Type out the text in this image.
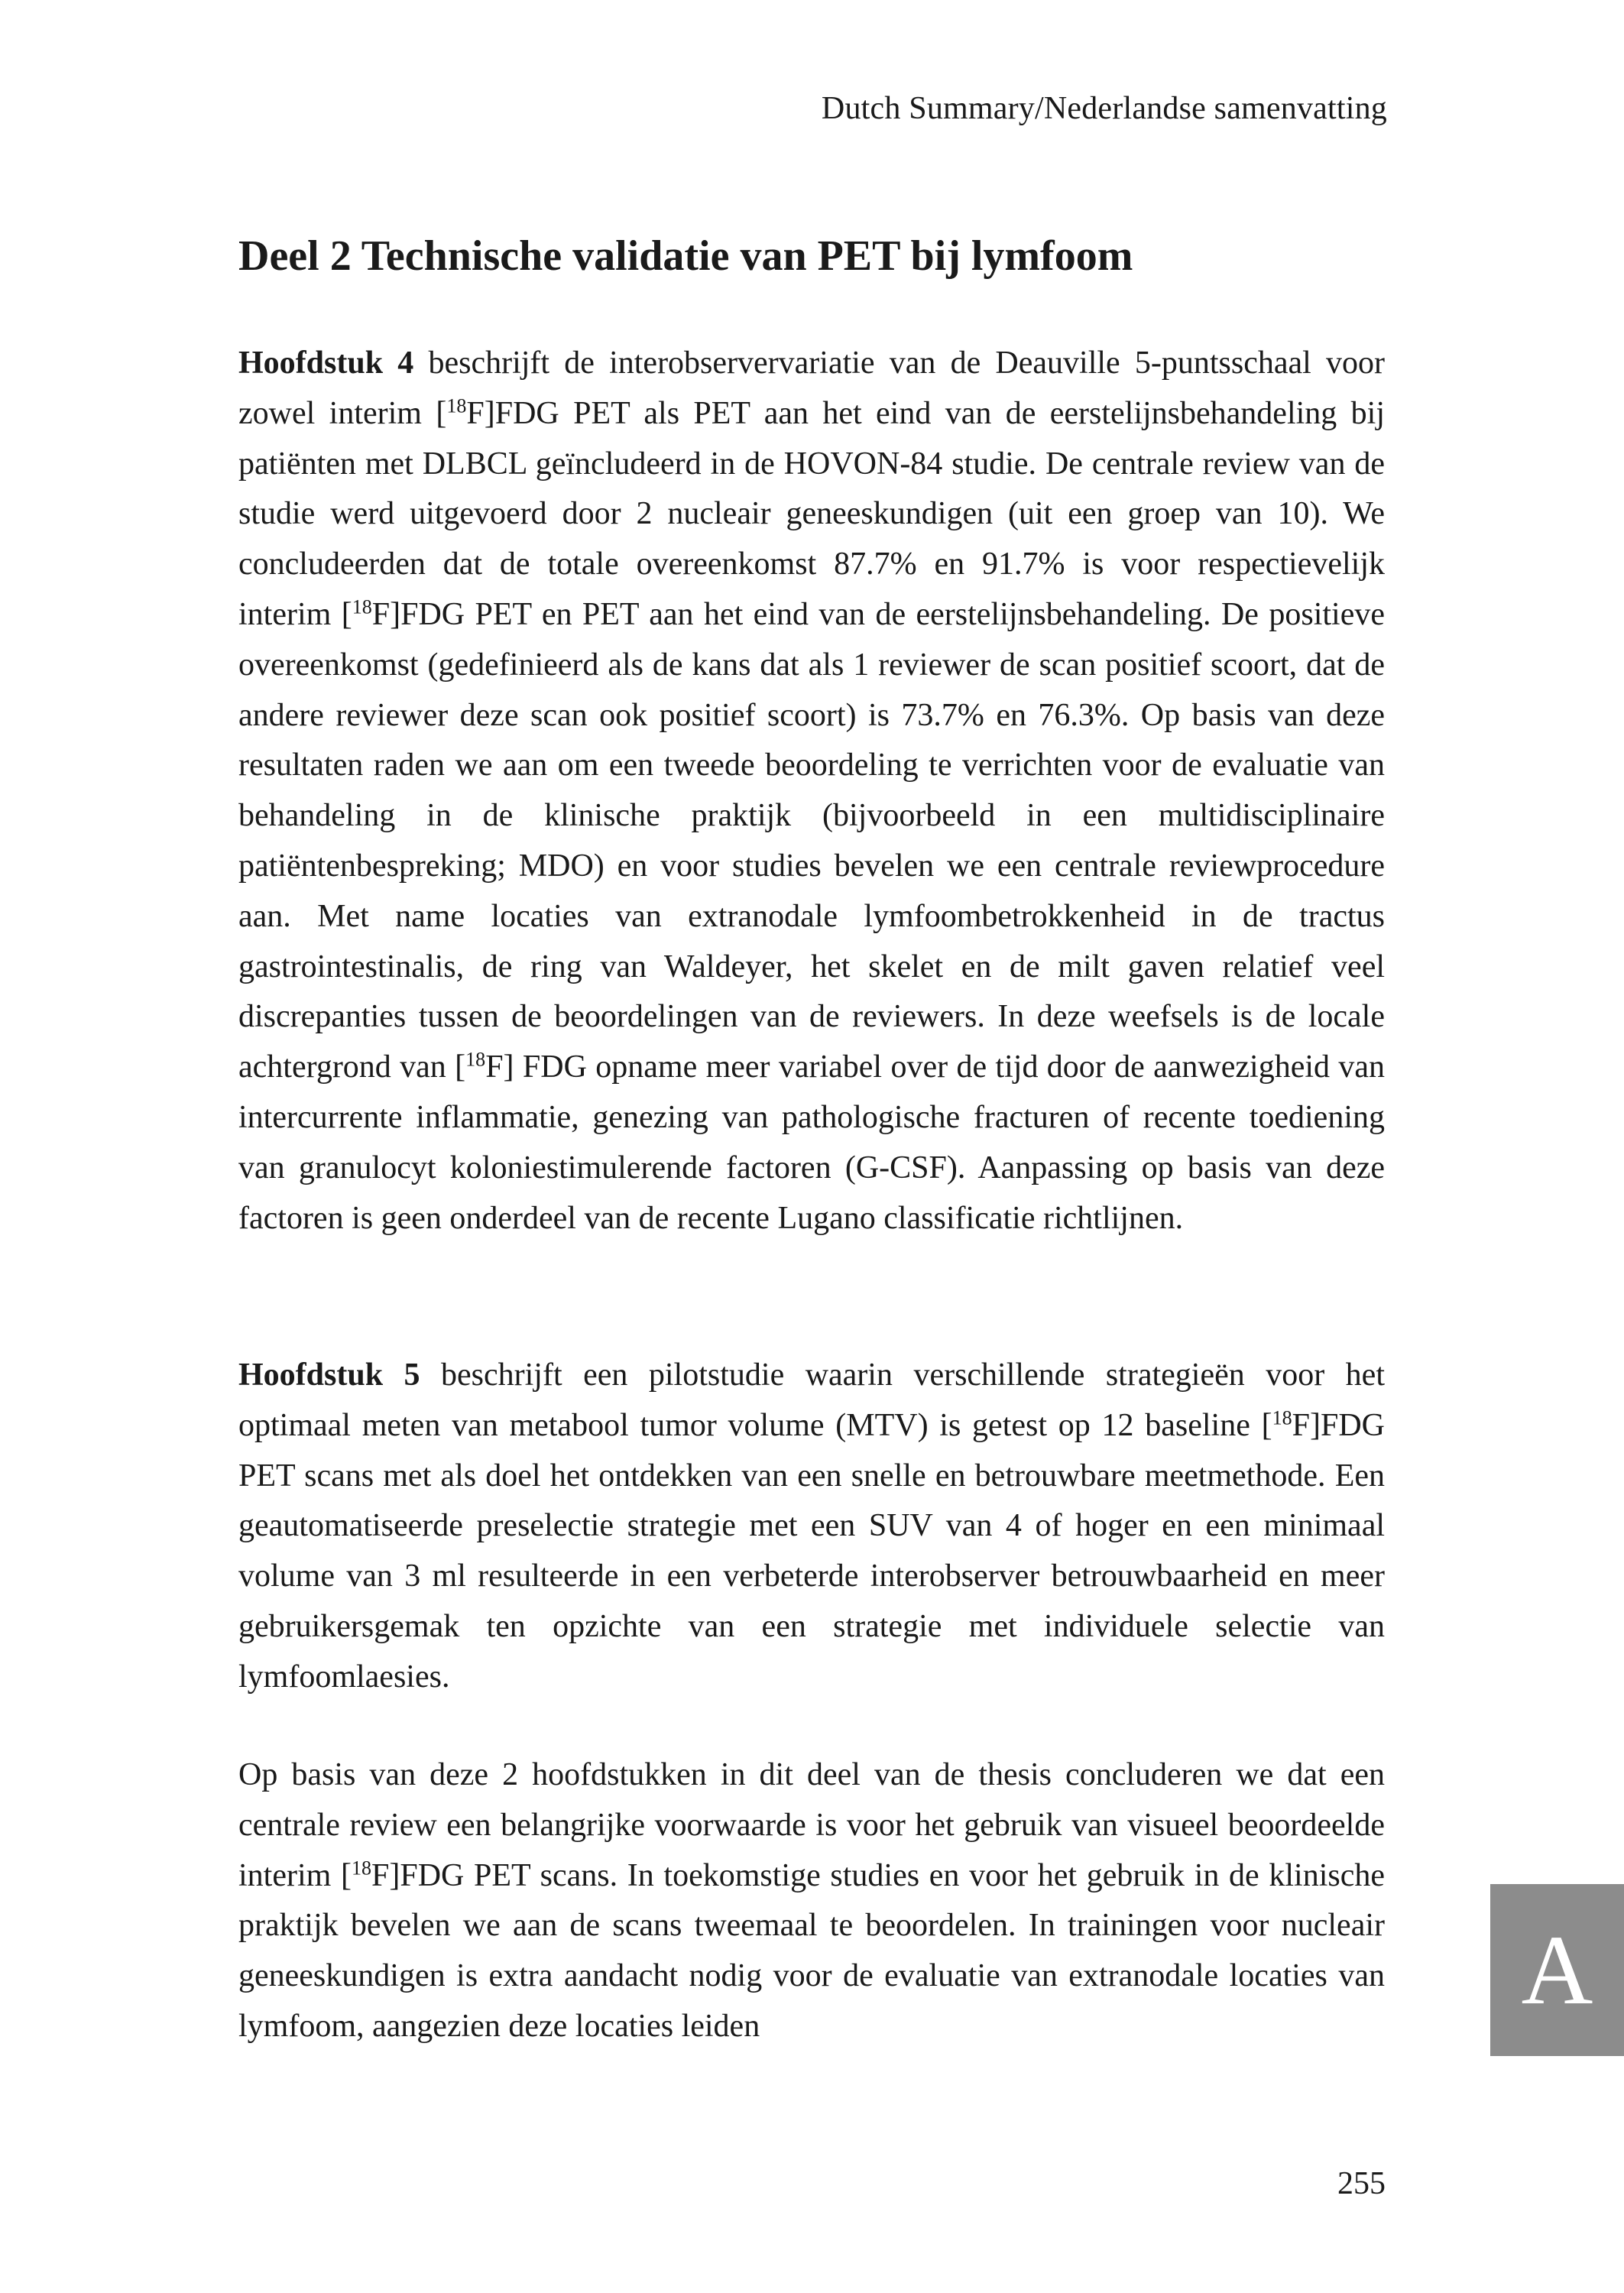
Dutch Summary/Nederlandse samenvatting
Deel 2 Technische validatie van PET bij lymfoom

Hoofdstuk 4 beschrijft de interobservervariatie van de Deauville 5-puntsschaal voor zowel interim [$^{18}$F]FDG PET als PET aan het eind van de eerstelijnsbehandeling bij patiënten met DLBCL geïncludeerd in de HOVON-84 studie. De centrale review van de studie werd uitgevoerd door 2 nucleair geneeskundigen (uit een groep van 10). We concludeerden dat de totale overeenkomst 87.7% en 91.7% is voor respectievelijk interim [$^{18}$F]FDG PET en PET aan het eind van de eerstelijnsbehandeling. De positieve overeenkomst (gedefinieerd als de kans dat als 1 reviewer de scan positief scoort, dat de andere reviewer deze scan ook positief scoort) is 73.7% en 76.3%. Op basis van deze resultaten raden we aan om een tweede beoordeling te verrichten voor de evaluatie van behandeling in de klinische praktijk (bijvoorbeeld in een multidisciplinaire patiëntenbespreking; MDO) en voor studies bevelen we een centrale reviewprocedure aan. Met name locaties van extranodale lymfoombetrokkenheid in de tractus gastrointestinalis, de ring van Waldeyer, het skelet en de milt gaven relatief veel discrepanties tussen de beoordelingen van de reviewers. In deze weefsels is de locale achtergrond van [$^{18}$F] FDG opname meer variabel over de tijd door de aanwezigheid van intercurrente inflammatie, genezing van pathologische fracturen of recente toediening van granulocyt koloniestimulerende factoren (G-CSF). Aanpassing op basis van deze factoren is geen onderdeel van de recente Lugano classificatie richtlijnen.

Hoofdstuk 5 beschrijft een pilotstudie waarin verschillende strategieën voor het optimaal meten van metabool tumor volume (MTV) is getest op 12 baseline [$^{18}$F]FDG PET scans met als doel het ontdekken van een snelle en betrouwbare meetmethode. Een geautomatiseerde preselectie strategie met een SUV van 4 of hoger en een minimaal volume van 3 ml resulteerde in een verbeterde interobserver betrouwbaarheid en meer gebruikersgemak ten opzichte van een strategie met individuele selectie van lymfoomlaesies.

Op basis van deze 2 hoofdstukken in dit deel van de thesis concluderen we dat een centrale review een belangrijke voorwaarde is voor het gebruik van visueel beoordeelde interim [$^{18}$F]FDG PET scans. In toekomstige studies en voor het gebruik in de klinische praktijk bevelen we aan de scans tweemaal te beoordelen. In trainingen voor nucleair geneeskundigen is extra aandacht nodig voor de evaluatie van extranodale locaties van lymfoom, aangezien deze locaties leiden

A
255
